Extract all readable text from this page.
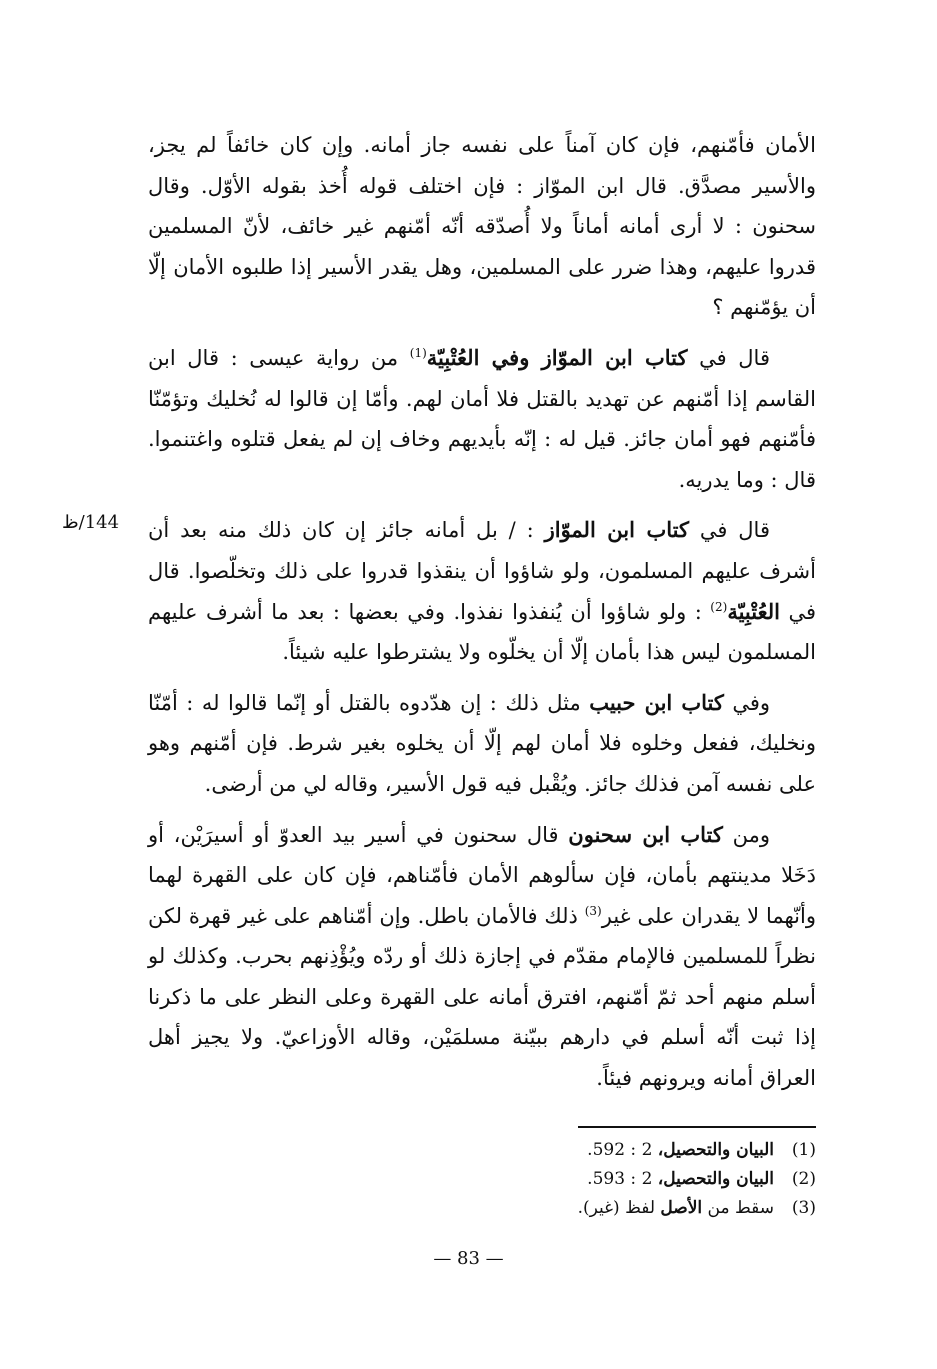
الأمان فأمّنهم، فإن كان آمناً على نفسه جاز أمانه. وإن كان خائفاً لم يجز، والأسير مصدَّق. قال ابن الموّاز : فإن اختلف قوله أُخذ بقوله الأوّل. وقال سحنون : لا أرى أمانه أماناً ولا أُصدّقه أنّه أمّنهم غير خائف، لأنّ المسلمين قدروا عليهم، وهذا ضرر على المسلمين، وهل يقدر الأسير إذا طلبوه الأمان إلّا أن يؤمّنهم ؟

قال في كتاب ابن الموّاز وفي العُتْبِيّة$^{(1)}$ من رواية عيسى : قال ابن القاسم إذا أمّنهم عن تهديد بالقتل فلا أمان لهم. وأمّا إن قالوا له نُخليك وتؤمّنّا فأمّنهم فهو أمان جائز. قيل له : إنّه بأيديهم وخاف إن لم يفعل قتلوه واغتنموا. قال : وما يدريه.

قال في كتاب ابن الموّاز : / بل أمانه جائز إن كان ذلك منه بعد أن أشرف عليهم المسلمون، ولو شاؤوا أن ينقذوا قدروا على ذلك وتخلّصوا. قال في العُتْبِيّة$^{(2)}$ : ولو شاؤوا أن يُنفذوا نفذوا. وفي بعضها : بعد ما أشرف عليهم المسلمون ليس هذا بأمان إلّا أن يخلّوه ولا يشترطوا عليه شيئاً.

وفي كتاب ابن حبيب مثل ذلك : إن هدّدوه بالقتل أو إنّما قالوا له : أمّنّا ونخليك، ففعل وخلوه فلا أمان لهم إلّا أن يخلوه بغير شرط. فإن أمّنهم وهو على نفسه آمن فذلك جائز. ويُقْبل فيه قول الأسير، وقاله لي من أرضى.

ومن كتاب ابن سحنون قال سحنون في أسير بيد العدوّ أو أسيرَيْن، أو دَخَلا مدينتهم بأمان، فإن سألوهم الأمان فأمّناهم، فإن كان على القهرة لهما وأنّهما لا يقدران على غير$^{(3)}$ ذلك فالأمان باطل. وإن أمّناهم على غير قهرة لكن نظراً للمسلمين فالإمام مقدّم في إجازة ذلك أو ردّه ويُؤْذِنهم بحرب. وكذلك لو أسلم منهم أحد ثمّ أمّنهم، افترق أمانه على القهرة وعلى النظر على ما ذكرنا إذا ثبت أنّه أسلم في دارهم ببيّنة مسلمَيْن، وقاله الأوزاعيّ. ولا يجيز أهل العراق أمانه ويرونهم فيئاً.

144/ظ
(1)
البيان والتحصيل، 2 : 592.
(2)
البيان والتحصيل، 2 : 593.
(3)
سقط من الأصل لفظ (غير).
— 83 —
